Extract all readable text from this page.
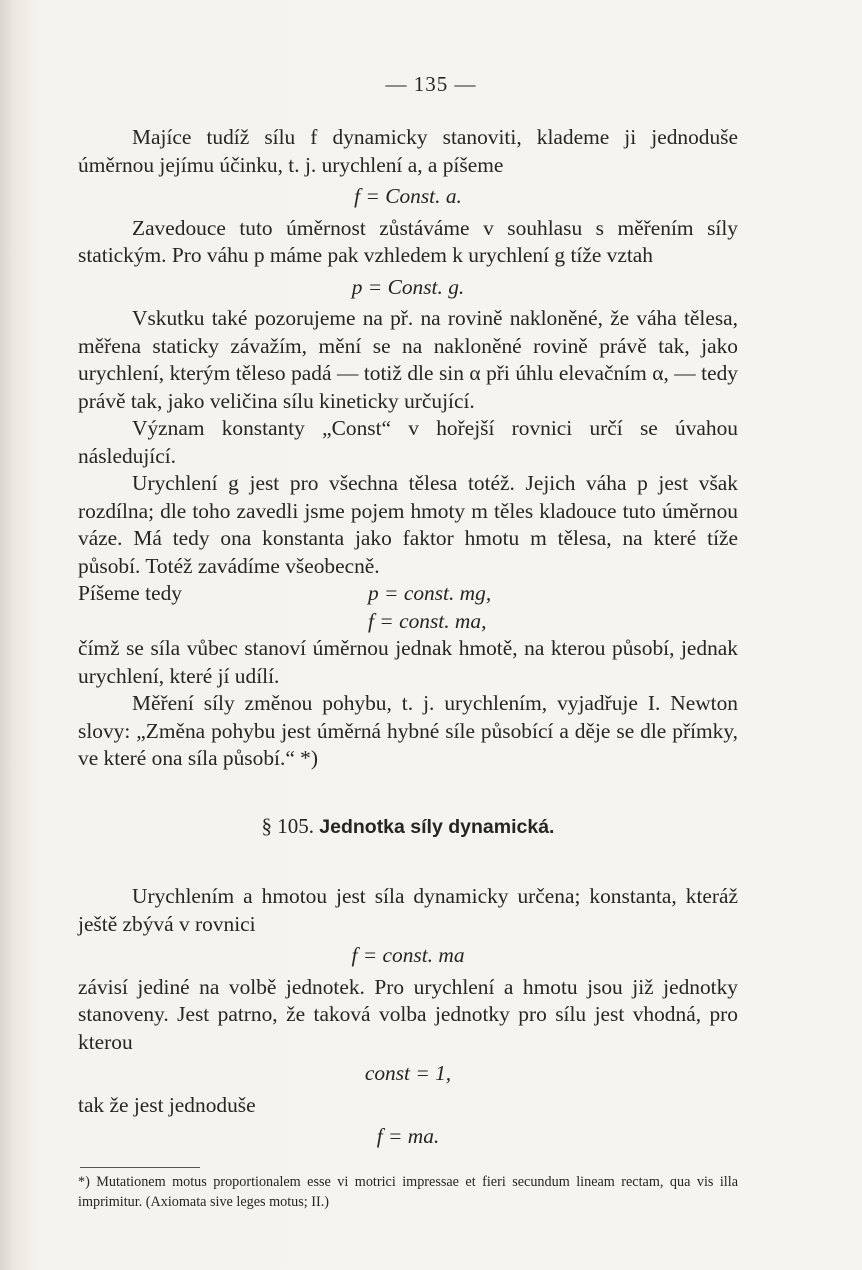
— 135 —

Majíce tudíž sílu f dynamicky stanoviti, klademe ji jednoduše úměrnou jejímu účinku, t. j. urychlení a, a píšeme

f = Const. a.

Zavedouce tuto úměrnost zůstáváme v souhlasu s měřením síly statickým. Pro váhu p máme pak vzhledem k urychlení g tíže vztah

p = Const. g.

Vskutku také pozorujeme na př. na rovině nakloněné, že váha tělesa, měřena staticky závažím, mění se na nakloněné rovině právě tak, jako urychlení, kterým těleso padá — totiž dle sin α při úhlu elevačním α, — tedy právě tak, jako veličina sílu kineticky určující.

Význam konstanty „Const“ v hořejší rovnici určí se úvahou následující.

Urychlení g jest pro všechna tělesa totéž. Jejich váha p jest však rozdílna; dle toho zavedli jsme pojem hmoty m těles kladouce tuto úměrnou váze. Má tedy ona konstanta jako faktor hmotu m tělesa, na které tíže působí. Totéž zavádíme všeobecně.

Píšeme tedy	p = const. mg,
f = const. ma,

čímž se síla vůbec stanoví úměrnou jednak hmotě, na kterou působí, jednak urychlení, které jí udílí.

Měření síly změnou pohybu, t. j. urychlením, vyjadřuje I. Newton slovy: „Změna pohybu jest úměrná hybné síle působící a děje se dle přímky, ve které ona síla působí.“ *)

§ 105. Jednotka síly dynamická.

Urychlením a hmotou jest síla dynamicky určena; konstanta, kteráž ještě zbývá v rovnici

f = const. ma

závisí jediné na volbě jednotek. Pro urychlení a hmotu jsou již jednotky stanoveny. Jest patrno, že taková volba jednotky pro sílu jest vhodná, pro kterou

const = 1,

tak že jest jednoduše

f = ma.
*) Mutationem motus proportionalem esse vi motrici impressae et fieri secundum lineam rectam, qua vis illa imprimitur. (Axiomata sive leges motus; II.)
